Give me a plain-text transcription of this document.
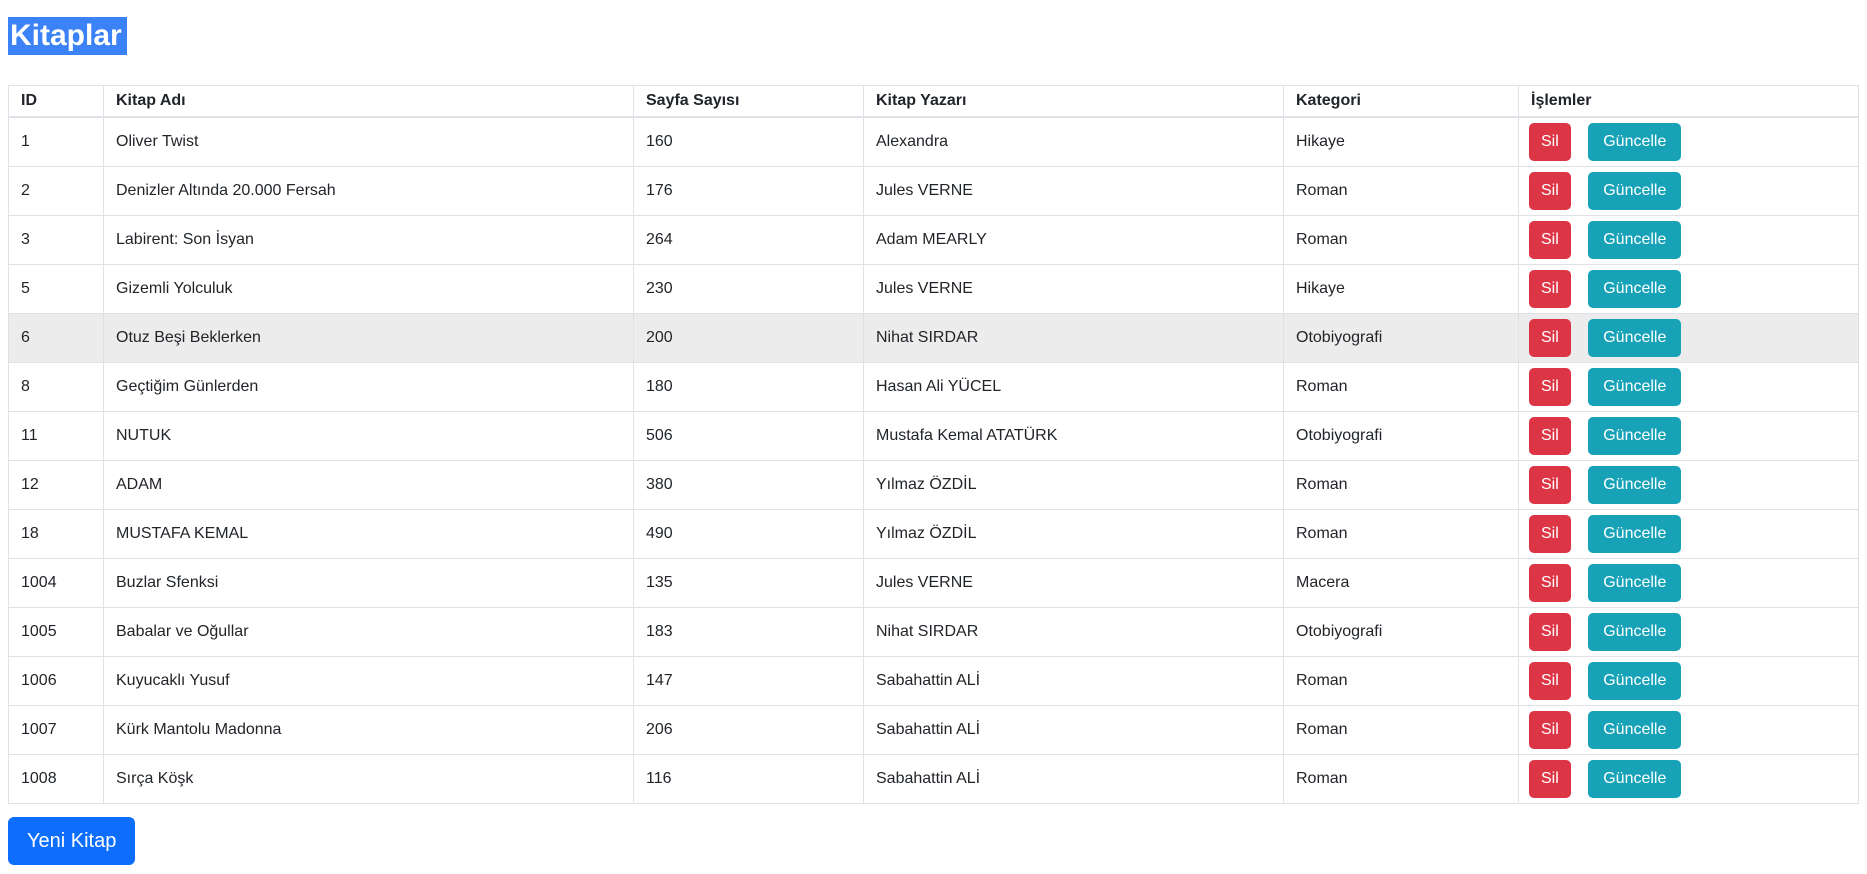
Kitaplar
ID	Kitap Adı	Sayfa Sayısı	Kitap Yazarı	Kategori	İşlemler
1	Oliver Twist	160	Alexandra	Hikaye	Sil Güncelle
2	Denizler Altında 20.000 Fersah	176	Jules VERNE	Roman	Sil Güncelle
3	Labirent: Son İsyan	264	Adam MEARLY	Roman	Sil Güncelle
5	Gizemli Yolculuk	230	Jules VERNE	Hikaye	Sil Güncelle
6	Otuz Beşi Beklerken	200	Nihat SIRDAR	Otobiyografi	Sil Güncelle
8	Geçtiğim Günlerden	180	Hasan Ali YÜCEL	Roman	Sil Güncelle
11	NUTUK	506	Mustafa Kemal ATATÜRK	Otobiyografi	Sil Güncelle
12	ADAM	380	Yılmaz ÖZDİL	Roman	Sil Güncelle
18	MUSTAFA KEMAL	490	Yılmaz ÖZDİL	Roman	Sil Güncelle
1004	Buzlar Sfenksi	135	Jules VERNE	Macera	Sil Güncelle
1005	Babalar ve Oğullar	183	Nihat SIRDAR	Otobiyografi	Sil Güncelle
1006	Kuyucaklı Yusuf	147	Sabahattin ALİ	Roman	Sil Güncelle
1007	Kürk Mantolu Madonna	206	Sabahattin ALİ	Roman	Sil Güncelle
1008	Sırça Köşk	116	Sabahattin ALİ	Roman	Sil Güncelle
Yeni Kitap
